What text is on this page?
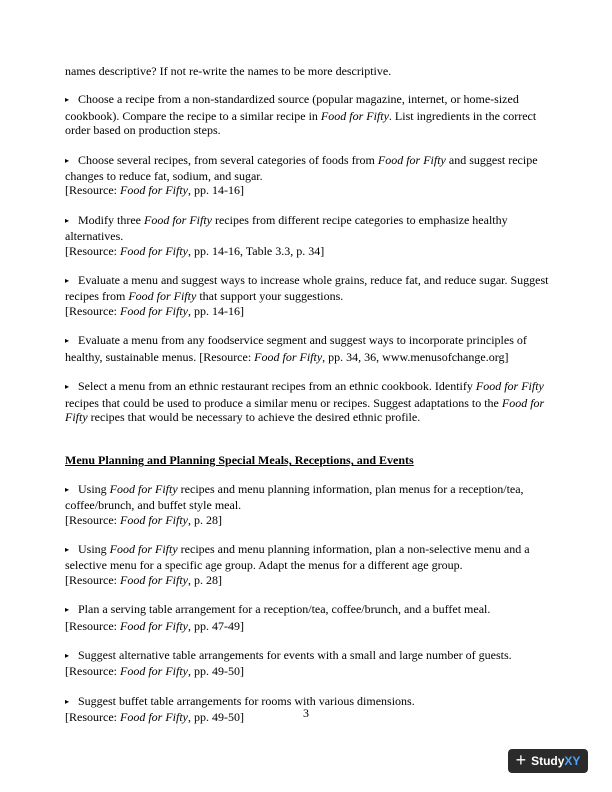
names descriptive? If not re-write the names to be more descriptive.

▸ Choose a recipe from a non-standardized source (popular magazine, internet, or home-sized cookbook). Compare the recipe to a similar recipe in Food for Fifty. List ingredients in the correct order based on production steps.

▸ Choose several recipes, from several categories of foods from Food for Fifty and suggest recipe changes to reduce fat, sodium, and sugar.
[Resource: Food for Fifty, pp. 14-16]

▸ Modify three Food for Fifty recipes from different recipe categories to emphasize healthy alternatives.
[Resource: Food for Fifty, pp. 14-16, Table 3.3, p. 34]

▸ Evaluate a menu and suggest ways to increase whole grains, reduce fat, and reduce sugar. Suggest recipes from Food for Fifty that support your suggestions.
[Resource: Food for Fifty, pp. 14-16]

▸ Evaluate a menu from any foodservice segment and suggest ways to incorporate principles of healthy, sustainable menus. [Resource: Food for Fifty, pp. 34, 36, www.menusofchange.org]

▸ Select a menu from an ethnic restaurant recipes from an ethnic cookbook. Identify Food for Fifty recipes that could be used to produce a similar menu or recipes. Suggest adaptations to the Food for Fifty recipes that would be necessary to achieve the desired ethnic profile.

Menu Planning and Planning Special Meals, Receptions, and Events

▸ Using Food for Fifty recipes and menu planning information, plan menus for a reception/tea, coffee/brunch, and buffet style meal.
[Resource: Food for Fifty, p. 28]

▸ Using Food for Fifty recipes and menu planning information, plan a non-selective menu and a selective menu for a specific age group. Adapt the menus for a different age group.
[Resource: Food for Fifty, p. 28]

▸ Plan a serving table arrangement for a reception/tea, coffee/brunch, and a buffet meal.
[Resource: Food for Fifty, pp. 47-49]

▸ Suggest alternative table arrangements for events with a small and large number of guests.
[Resource: Food for Fifty, pp. 49-50]

▸ Suggest buffet table arrangements for rooms with various dimensions.
[Resource: Food for Fifty, pp. 49-50]	3
+ StudyXY
